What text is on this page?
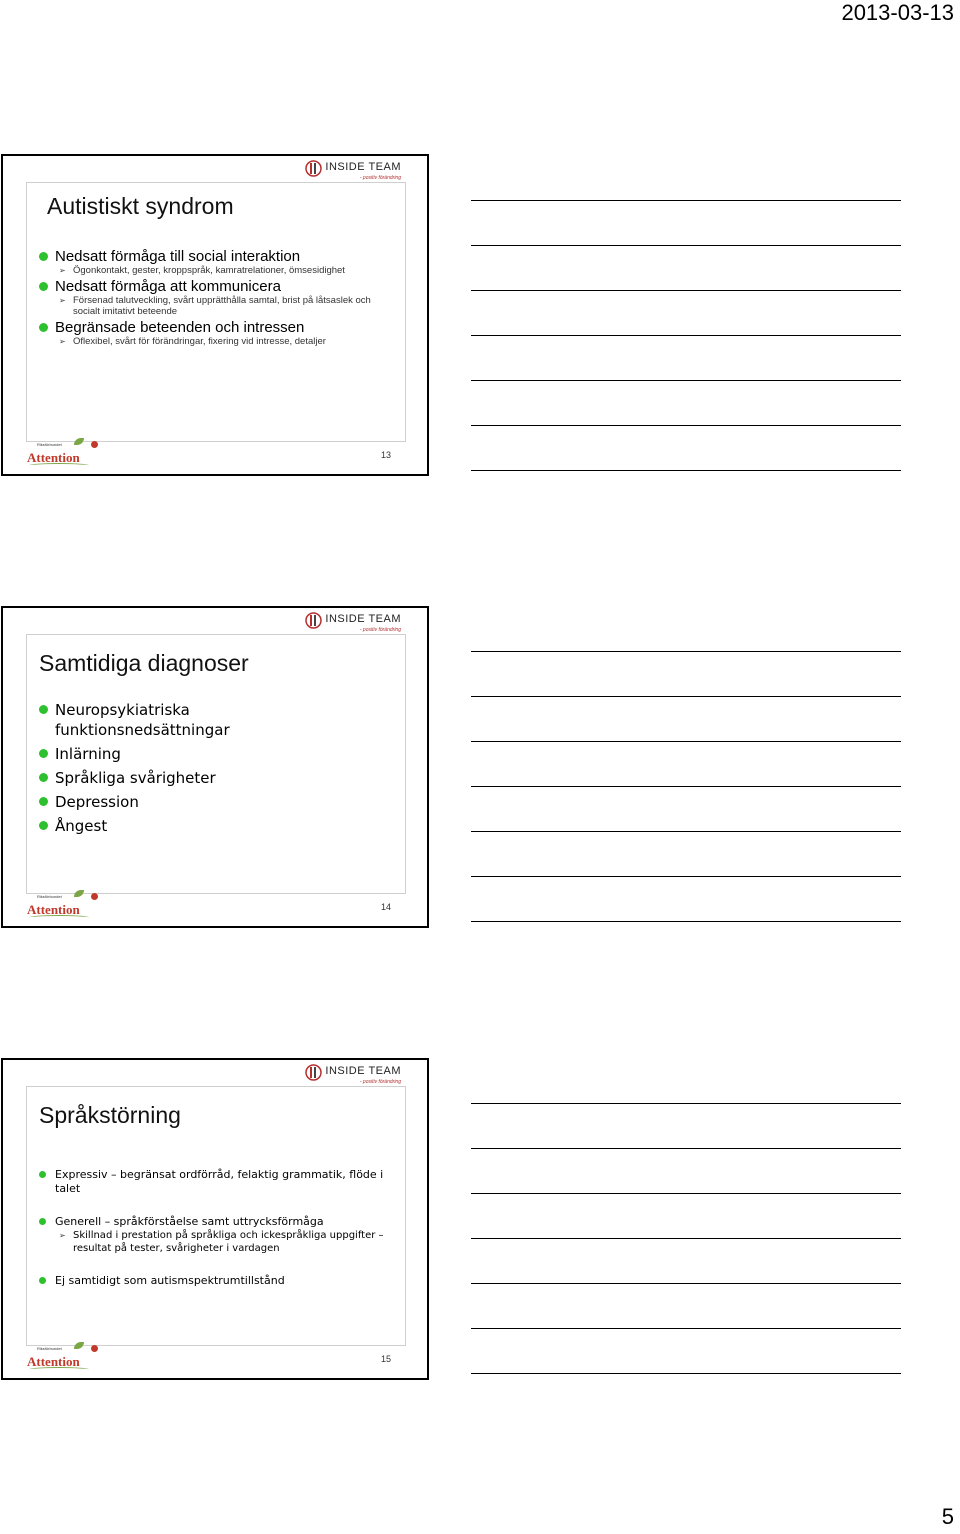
2013-03-13
INSIDE TEAM
- positiv förändring
Autistiskt syndrom
Nedsatt förmåga till social interaktion
➢ Ögonkontakt, gester, kroppspråk, kamratrelationer, ömsesidighet
Nedsatt förmåga att kommunicera
➢ Försenad talutveckling, svårt upprätthålla samtal, brist på låtsaslek och socialt imitativt beteende
Begränsade beteenden och intressen
➢ Oflexibel, svårt för förändringar, fixering vid intresse, detaljer
Riksförbundet
$_{Attention}$	13
INSIDE TEAM
- positiv förändring
Samtidiga diagnoser
Neuropsykiatriska funktionsnedsättningar
Inlärning
Språkliga svårigheter
Depression
Ångest
Riksförbundet
$_{Attention}$	14
INSIDE TEAM
- positiv förändring
Språkstörning
Expressiv – begränsat ordförråd, felaktig grammatik, flöde i talet
Generell – språkförståelse samt uttrycksförmåga
➢ Skillnad i prestation på språkliga och ickespråkliga uppgifter – resultat på tester, svårigheter i vardagen
Ej samtidigt som autismspektrumtillstånd
Riksförbundet
$_{Attention}$	15
5
